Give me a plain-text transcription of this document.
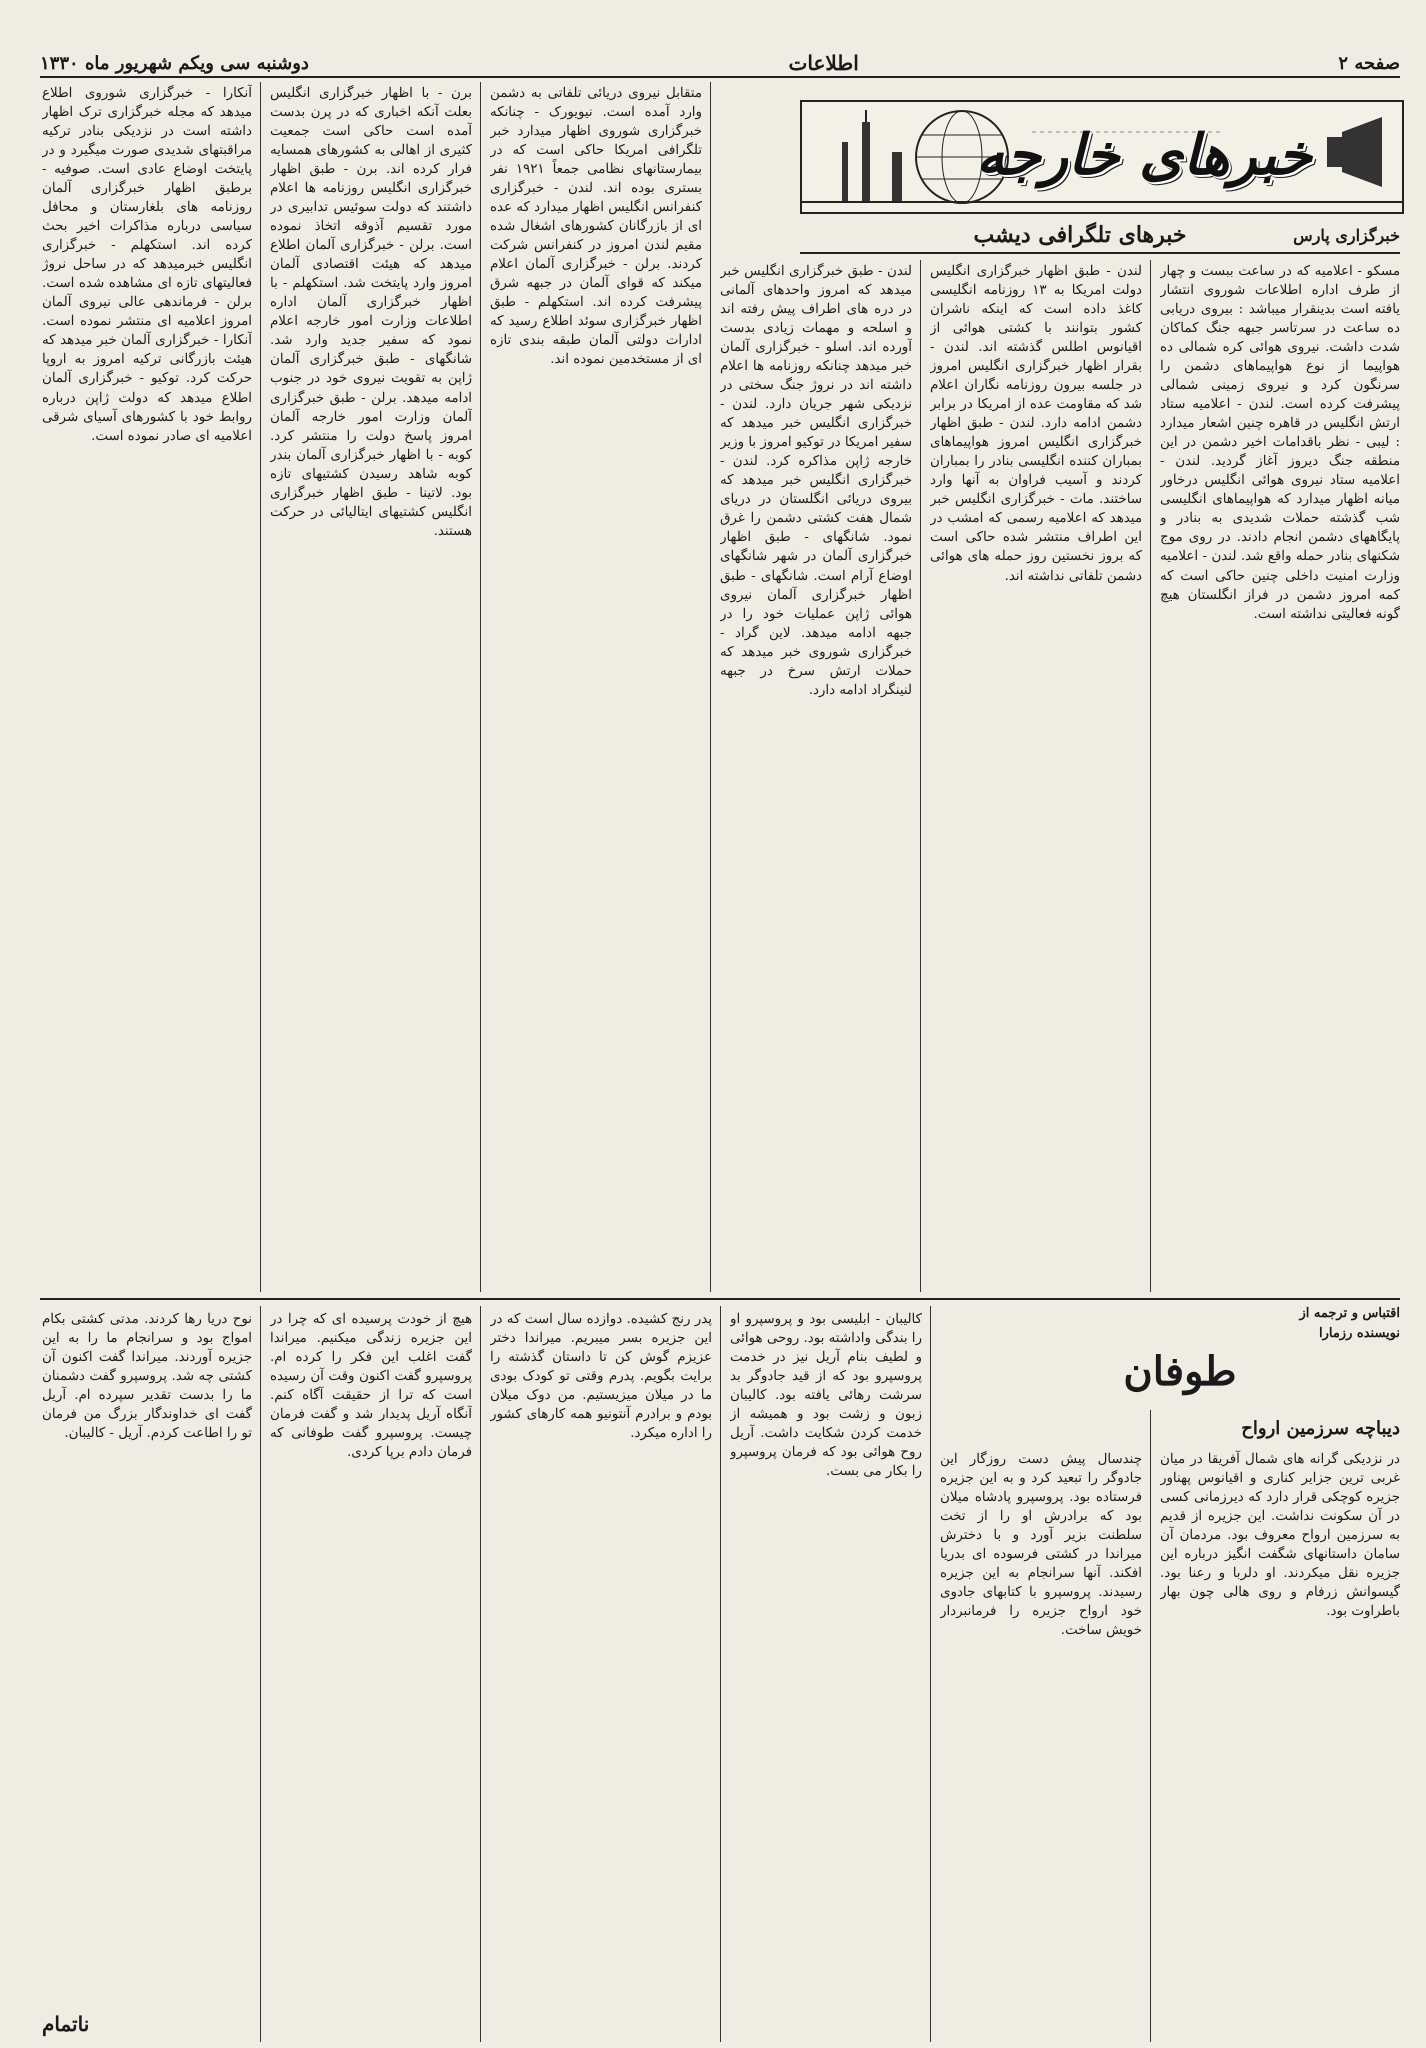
صفحه ۲
اطلاعات
دوشنبه سی ویکم شهریور ماه ۱۳۳۰
خبرهای خارجه
خبرگزاری پارس
خبرهای تلگرافی دیشب

مسکو - اعلامیه که در ساعت ببست و چهار از طرف اداره اطلاعات شوروی انتشار یافته است بدینقرار میباشد : بیروی دریابی ده ساعت در سرتاسر جبهه جنگ کماکان شدت داشت. نیروی هوائی کره شمالی ده هواپیما از نوع هواپیماهای دشمن را سرنگون کرد و نیروی زمینی شمالی پیشرفت کرده است. لندن - اعلامیه ستاد ارتش انگلیس در قاهره چنین اشعار میدارد : لیبی - نظر باقدامات اخیر دشمن در این منطقه جنگ دیروز آغاز گردید. لندن - اعلامیه ستاد نیروی هوائی انگلیس درخاور میانه اظهار میدارد که هواپیماهای انگلیسی شب گذشته حملات شدیدی به بنادر و پایگاههای دشمن انجام دادند. در روی موج شکنهای بنادر حمله واقع شد. لندن - اعلامیه وزارت امنیت داخلی چنین حاکی است که کمه امروز دشمن در فراز انگلستان هیچ گونه فعالیتی نداشته است.

لندن - طبق اظهار خبرگزاری انگلیس دولت امریکا به ۱۳ روزنامه انگلیسی کاغذ داده است که اینکه ناشران کشور بتوانند با کشتی هوائی از اقیانوس اطلس گذشته اند. لندن - بقرار اظهار خبرگزاری انگلیس امروز در جلسه بیرون روزنامه نگاران اعلام شد که مقاومت عده از امریکا در برابر دشمن ادامه دارد. لندن - طبق اظهار خبرگزاری انگلیس امروز هواپیماهای بمباران کننده انگلیسی بنادر را بمباران کردند و آسیب فراوان به آنها وارد ساختند. مات - خبرگزاری انگلیس خبر میدهد که اعلامیه رسمی که امشب در این اطراف منتشر شده حاکی است که بروز نخستین روز حمله های هوائی دشمن تلفاتی نداشته اند.

لندن - طبق خبرگزاری انگلیس خبر میدهد که امروز واحدهای آلمانی در دره های اطراف پیش رفته اند و اسلحه و مهمات زیادی بدست آورده اند. اسلو - خبرگزاری آلمان خبر میدهد چنانکه روزنامه ها اعلام داشته اند در نروژ جنگ سختی در نزدیکی شهر جریان دارد. لندن - خبرگزاری انگلیس خبر میدهد که سفیر امریکا در توکیو امروز با وزیر خارجه ژاپن مذاکره کرد. لندن - خبرگزاری انگلیس خبر میدهد که بیروی دریائی انگلستان در دریای شمال هفت کشتی دشمن را غرق نمود. شانگهای - طبق اظهار خبرگزاری آلمان در شهر شانگهای اوضاع آرام است. شانگهای - طبق اظهار خبرگزاری آلمان نیروی هوائی ژاپن عملیات خود را در جبهه ادامه میدهد. لاین گراد - خبرگزاری شوروی خبر میدهد که حملات ارتش سرخ در جبهه لنینگراد ادامه دارد.

متقابل نیروی دریائی تلفاتی به دشمن وارد آمده است. نیویورک - چنانکه خبرگزاری شوروی اظهار میدارد خبر تلگرافی امریکا حاکی است که در بیمارستانهای نظامی جمعاً ۱۹۲۱ نفر بستری بوده اند. لندن - خبرگزاری کنفرانس انگلیس اظهار میدارد که عده ای از بازرگانان کشورهای اشغال شده مقیم لندن امروز در کنفرانس شرکت کردند. برلن - خبرگزاری آلمان اعلام میکند که قوای آلمان در جبهه شرق پیشرفت کرده اند. استکهلم - طبق اظهار خبرگزاری سوئد اطلاع رسید که ادارات دولتی آلمان طبقه بندی تازه ای از مستخدمین نموده اند.

برن - با اظهار خبرگزاری انگلیس بعلت آنکه اخباری که در پرن بدست آمده است حاکی است جمعیت کثیری از اهالی به کشورهای همسایه فرار کرده اند. برن - طبق اظهار خبرگزاری انگلیس روزنامه ها اعلام داشتند که دولت سوئیس تدابیری در مورد تقسیم آذوقه اتخاذ نموده است. برلن - خبرگزاری آلمان اطلاع میدهد که هیئت اقتصادی آلمان امروز وارد پایتخت شد. استکهلم - با اظهار خبرگزاری آلمان اداره اطلاعات وزارت امور خارجه اعلام نمود که سفیر جدید وارد شد. شانگهای - طبق خبرگزاری آلمان ژاپن به تقویت نیروی خود در جنوب ادامه میدهد. برلن - طبق خبرگزاری آلمان وزارت امور خارجه آلمان امروز پاسخ دولت را منتشر کرد. کوبه - با اظهار خبرگزاری آلمان بندر کوبه شاهد رسیدن کشتیهای تازه بود. لاتینا - طبق اظهار خبرگزاری انگلیس کشتیهای ایتالیائی در حرکت هستند.

آنکارا - خبرگزاری شوروی اطلاع میدهد که مجله خبرگزاری ترک اظهار داشته است در نزدیکی بنادر ترکیه مراقبتهای شدیدی صورت میگیرد و در پایتخت اوضاع عادی است. صوفیه - برطبق اظهار خبرگزاری آلمان روزنامه های بلغارستان و محافل سیاسی درباره مذاکرات اخیر بحث کرده اند. استکهلم - خبرگزاری انگلیس خبرمیدهد که در ساحل نروژ فعالیتهای تازه ای مشاهده شده است. برلن - فرماندهی عالی نیروی آلمان امروز اعلامیه ای منتشر نموده است. آنکارا - خبرگزاری آلمان خبر میدهد که هیئت بازرگانی ترکیه امروز به اروپا حرکت کرد. توکیو - خبرگزاری آلمان اطلاع میدهد که دولت ژاپن درباره روابط خود با کشورهای آسیای شرقی اعلامیه ای صادر نموده است.

اقتباس و ترجمه از
نویسنده رزمارا
طوفان
دیباچه سرزمین ارواح

در نزدیکی گرانه های شمال آفریقا در میان غربی ترین جزایر کناری و اقیانوس پهناور جزیره کوچکی قرار دارد که دیرزمانی کسی در آن سکونت نداشت. این جزیره از قدیم به سرزمین ارواح معروف بود. مردمان آن سامان داستانهای شگفت انگیز درباره این جزیره نقل میکردند. او دلربا و رعنا بود. گیسوانش زرفام و روی هالی چون بهار باطراوت بود.

چندسال پیش دست روزگار این جادوگر را تبعید کرد و به این جزیره فرستاده بود. پروسپرو پادشاه میلان بود که برادرش او را از تخت سلطنت بزیر آورد و با دخترش میراندا در کشتی فرسوده ای بدریا افکند. آنها سرانجام به این جزیره رسیدند. پروسپرو با کتابهای جادوی خود ارواح جزیره را فرمانبردار خویش ساخت.

کالیبان - ابلیسی بود و پروسپرو او را بندگی واداشته بود. روحی هوائی و لطیف بنام آریل نیز در خدمت پروسپرو بود که از قید جادوگر بد سرشت رهائی یافته بود. کالیبان زبون و زشت بود و همیشه از خدمت کردن شکایت داشت. آریل روح هوائی بود که فرمان پروسپرو را بکار می بست.

پدر رنج کشیده. دوازده سال است که در این جزیره بسر میبریم. میراندا دختر عزیزم گوش کن تا داستان گذشته را برایت بگویم. پدرم وقتی تو کودک بودی ما در میلان میزیستیم. من دوک میلان بودم و برادرم آنتونیو همه کارهای کشور را اداره میکرد.

هیچ از خودت پرسیده ای که چرا در این جزیره زندگی میکنیم. میراندا گفت اغلب این فکر را کرده ام. پروسپرو گفت اکنون وقت آن رسیده است که ترا از حقیقت آگاه کنم. آنگاه آریل پدیدار شد و گفت فرمان چیست. پروسپرو گفت طوفانی که فرمان دادم برپا کردی.

نوح دریا رها کردند. مدتی کشتی بکام امواج بود و سرانجام ما را به این جزیره آوردند. میراندا گفت اکنون آن کشتی چه شد. پروسپرو گفت دشمنان ما را بدست تقدیر سپرده ام. آریل گفت ای خداوندگار بزرگ من فرمان تو را اطاعت کردم. آریل - کالیبان.

ناتمام
